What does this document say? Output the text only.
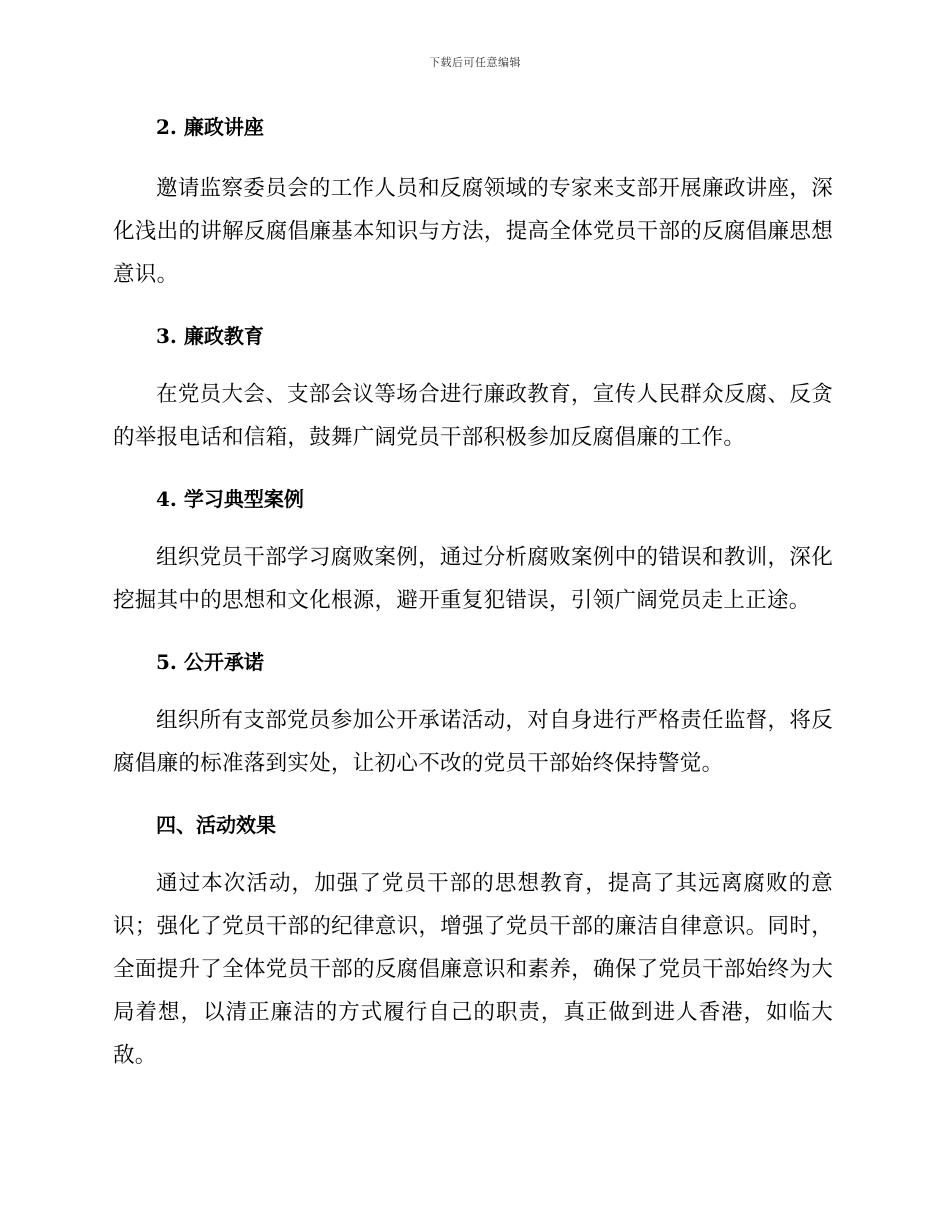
下载后可任意编辑
2. 廉政讲座

邀请监察委员会的工作人员和反腐领域的专家来支部开展廉政讲座，深化浅出的讲解反腐倡廉基本知识与方法，提高全体党员干部的反腐倡廉思想意识。

3. 廉政教育

在党员大会、支部会议等场合进行廉政教育，宣传人民群众反腐、反贪的举报电话和信箱，鼓舞广阔党员干部积极参加反腐倡廉的工作。

4. 学习典型案例

组织党员干部学习腐败案例，通过分析腐败案例中的错误和教训，深化挖掘其中的思想和文化根源，避开重复犯错误，引领广阔党员走上正途。

5. 公开承诺

组织所有支部党员参加公开承诺活动，对自身进行严格责任监督，将反腐倡廉的标准落到实处，让初心不改的党员干部始终保持警觉。

四、活动效果

通过本次活动，加强了党员干部的思想教育，提高了其远离腐败的意识；强化了党员干部的纪律意识，增强了党员干部的廉洁自律意识。同时，全面提升了全体党员干部的反腐倡廉意识和素养，确保了党员干部始终为大局着想，以清正廉洁的方式履行自己的职责，真正做到进人香港，如临大敌。
